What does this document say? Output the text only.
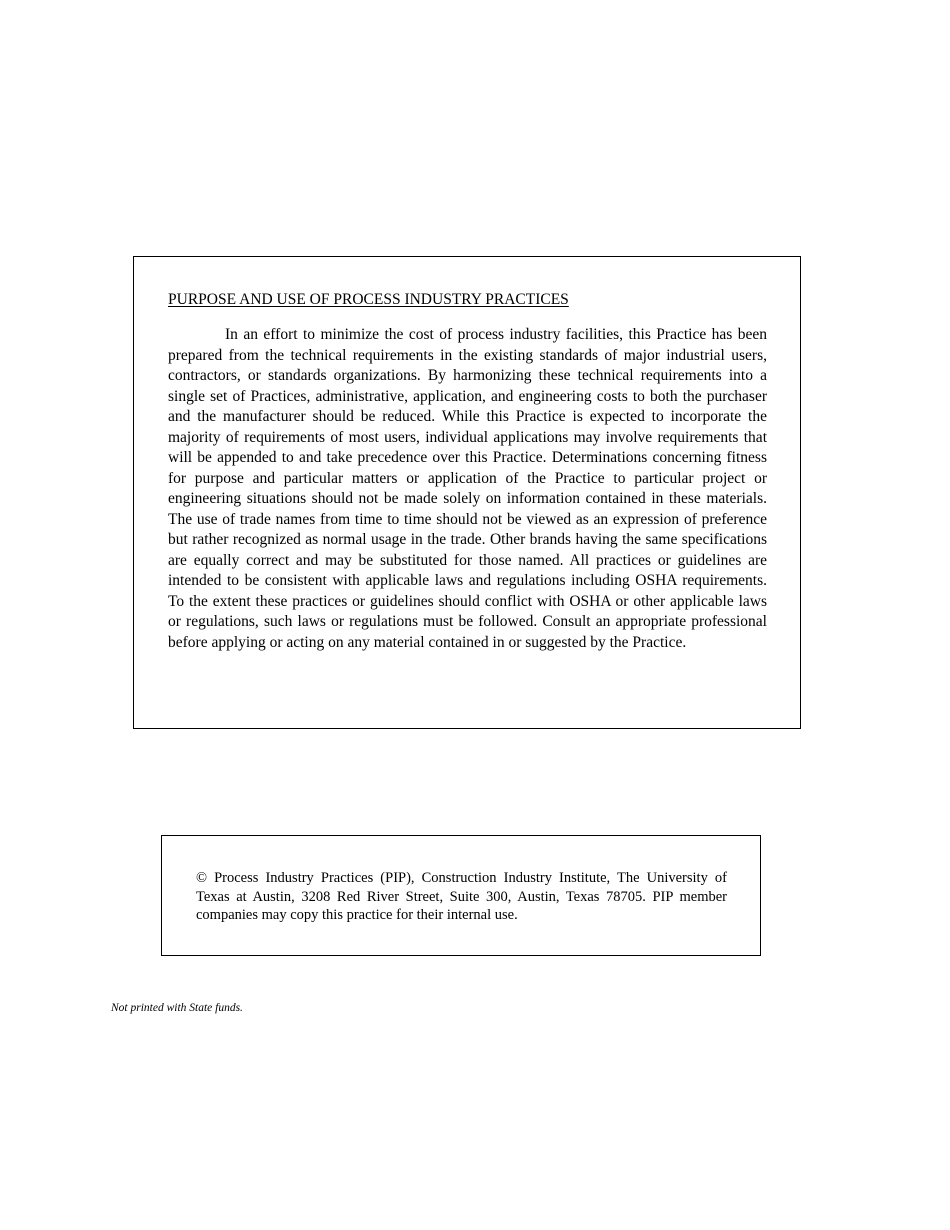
PURPOSE AND USE OF PROCESS INDUSTRY PRACTICES

In an effort to minimize the cost of process industry facilities, this Practice has been prepared from the technical requirements in the existing standards of major industrial users, contractors, or standards organizations. By harmonizing these technical requirements into a single set of Practices, administrative, application, and engineering costs to both the purchaser and the manufacturer should be reduced. While this Practice is expected to incorporate the majority of requirements of most users, individual applications may involve requirements that will be appended to and take precedence over this Practice. Determinations concerning fitness for purpose and particular matters or application of the Practice to particular project or engineering situations should not be made solely on information contained in these materials. The use of trade names from time to time should not be viewed as an expression of preference but rather recognized as normal usage in the trade. Other brands having the same specifications are equally correct and may be substituted for those named. All practices or guidelines are intended to be consistent with applicable laws and regulations including OSHA requirements. To the extent these practices or guidelines should conflict with OSHA or other applicable laws or regulations, such laws or regulations must be followed. Consult an appropriate professional before applying or acting on any material contained in or suggested by the Practice.

© Process Industry Practices (PIP), Construction Industry Institute, The University of Texas at Austin, 3208 Red River Street, Suite 300, Austin, Texas 78705. PIP member companies may copy this practice for their internal use.

Not printed with State funds.
